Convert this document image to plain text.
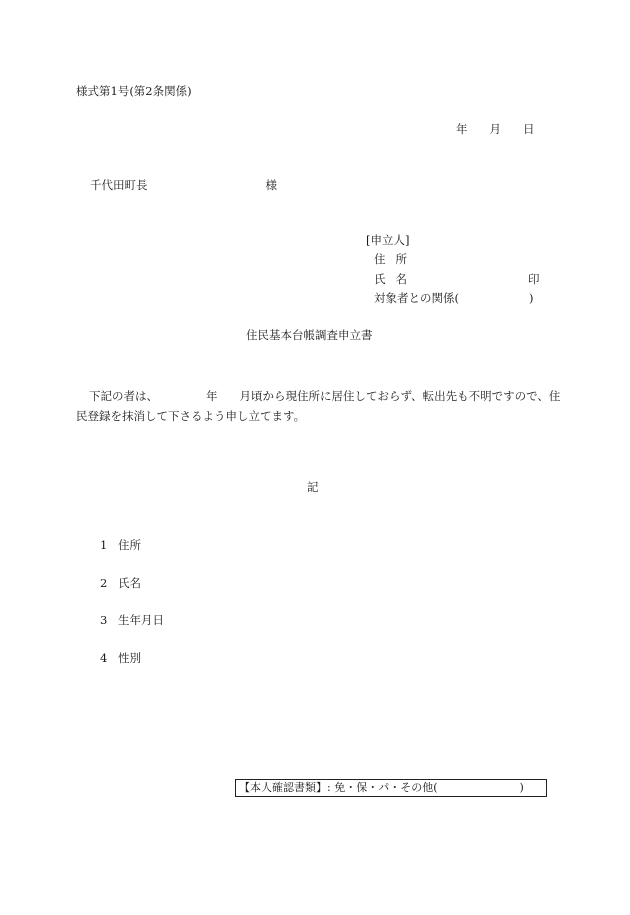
様式第1号(第2条関係)
年 月 日
千代田町長	様
[申立人]
住所
氏名	印
対象者との関係(	)
住民基本台帳調査申立書
下記の者は、	年 月頃から現住所に居住しておらず、転出先も不明ですので、住民登録を抹消して下さるよう申し立てます。
記
1 住所
2 氏名
3 生年月日
4 性別
【本人確認書類】: 免・保・パ・その他(	)
